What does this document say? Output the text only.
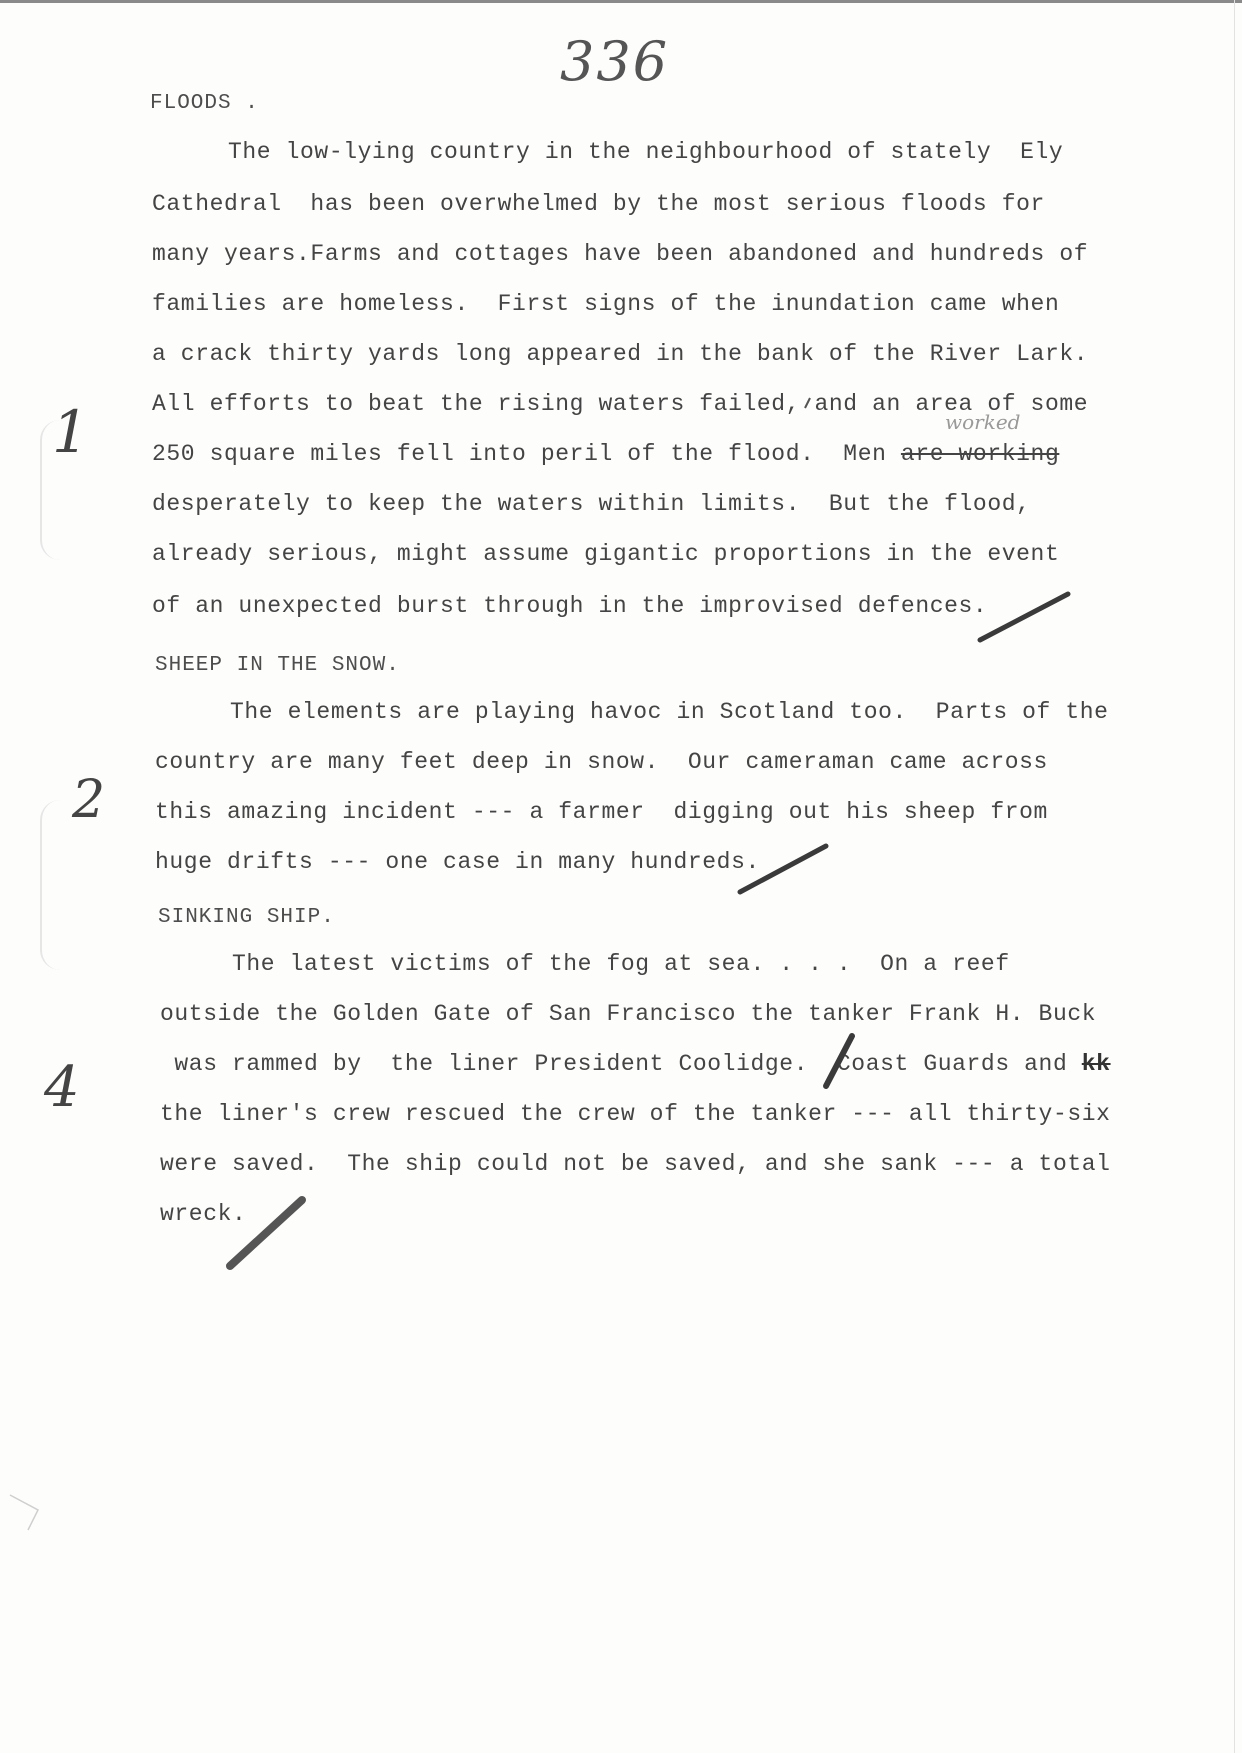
336
1
2
4
FLOODS .
The low-lying country in the neighbourhood of stately  Ely
Cathedral  has been overwhelmed by the most serious floods for
many years.Farms and cottages have been abandoned and hundreds of
families are homeless.  First signs of the inundation came when
a crack thirty yards long appeared in the bank of the River Lark.
All efforts to beat the rising waters failed, and an area of some
250 square miles fell into peril of the flood.  Men are working
worked
desperately to keep the waters within limits.  But the flood,
already serious, might assume gigantic proportions in the event
of an unexpected burst through in the improvised defences.
SHEEP IN THE SNOW.
The elements are playing havoc in Scotland too.  Parts of the
country are many feet deep in snow.  Our cameraman came across
this amazing incident --- a farmer  digging out his sheep from
huge drifts --- one case in many hundreds.
SINKING SHIP.
The latest victims of the fog at sea. . . .  On a reef
outside the Golden Gate of San Francisco the tanker Frank H. Buck
was rammed by  the liner President Coolidge.  Coast Guards and kk
the liner's crew rescued the crew of the tanker --- all thirty-six
were saved.  The ship could not be saved, and she sank --- a total
wreck.
